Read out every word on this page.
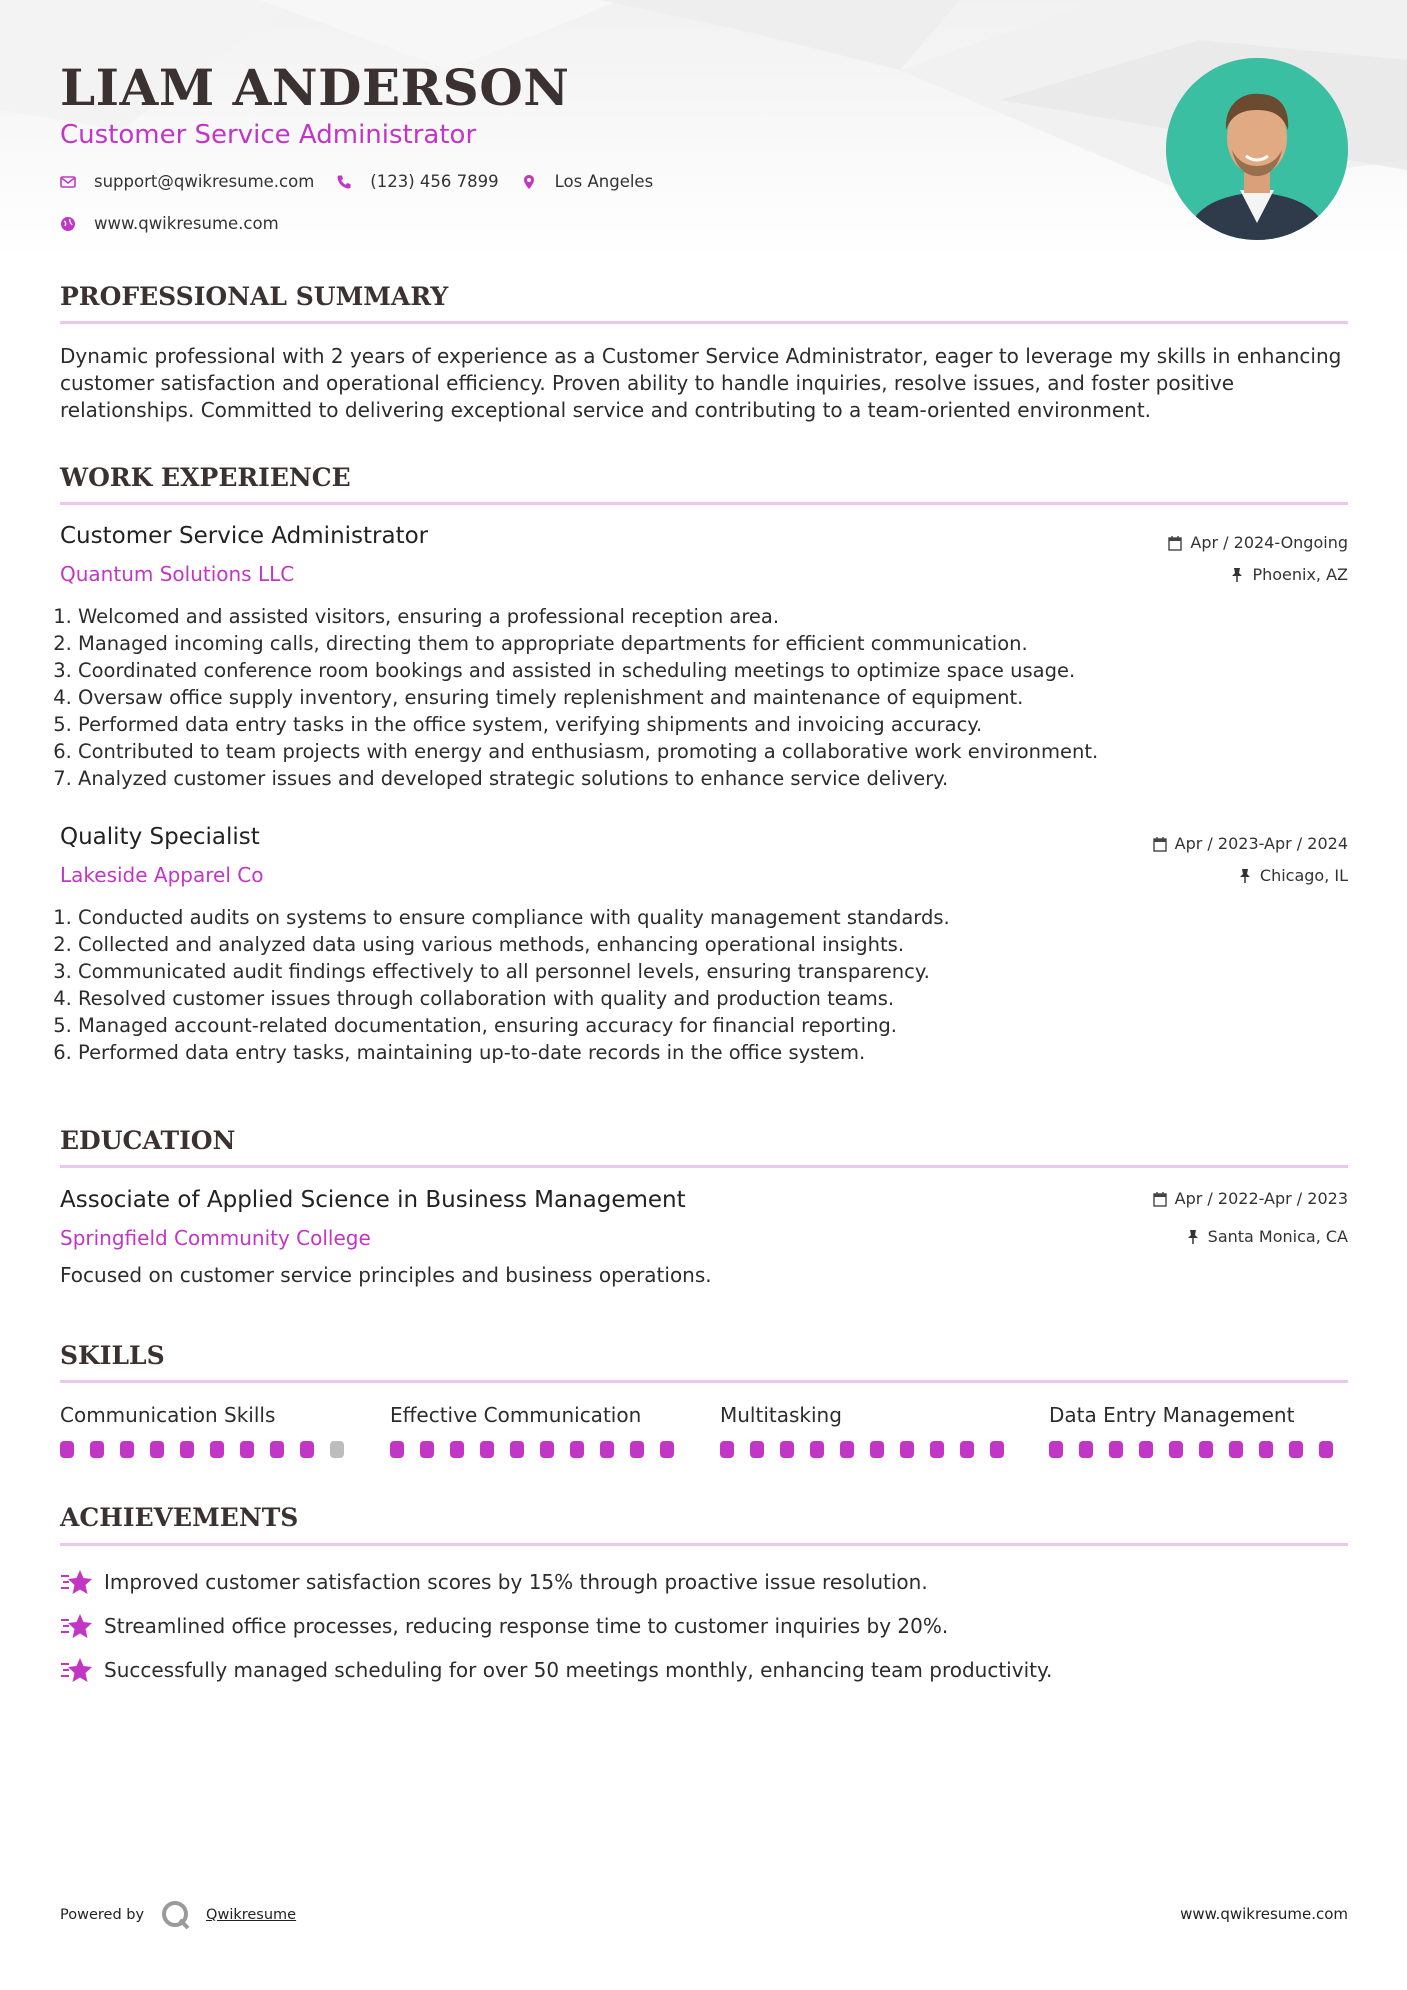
LIAM ANDERSON
Customer Service Administrator
support@qwikresume.com	(123) 456 7899	Los Angeles
www.qwikresume.com
PROFESSIONAL SUMMARY

Dynamic professional with 2 years of experience as a Customer Service Administrator, eager to leverage my skills in enhancing customer satisfaction and operational efficiency. Proven ability to handle inquiries, resolve issues, and foster positive relationships. Committed to delivering exceptional service and contributing to a team-oriented environment.

WORK EXPERIENCE
Customer Service Administrator
Quantum Solutions LLC
Apr / 2024-Ongoing
Phoenix, AZ
1. Welcomed and assisted visitors, ensuring a professional reception area.
2. Managed incoming calls, directing them to appropriate departments for efficient communication.
3. Coordinated conference room bookings and assisted in scheduling meetings to optimize space usage.
4. Oversaw office supply inventory, ensuring timely replenishment and maintenance of equipment.
5. Performed data entry tasks in the office system, verifying shipments and invoicing accuracy.
6. Contributed to team projects with energy and enthusiasm, promoting a collaborative work environment.
7. Analyzed customer issues and developed strategic solutions to enhance service delivery.
Quality Specialist
Lakeside Apparel Co
Apr / 2023-Apr / 2024
Chicago, IL
1. Conducted audits on systems to ensure compliance with quality management standards.
2. Collected and analyzed data using various methods, enhancing operational insights.
3. Communicated audit findings effectively to all personnel levels, ensuring transparency.
4. Resolved customer issues through collaboration with quality and production teams.
5. Managed account-related documentation, ensuring accuracy for financial reporting.
6. Performed data entry tasks, maintaining up-to-date records in the office system.
EDUCATION
Associate of Applied Science in Business Management
Springfield Community College
Apr / 2022-Apr / 2023
Santa Monica, CA
Focused on customer service principles and business operations.
SKILLS
Communication Skills	Effective Communication	Multitasking	Data Entry Management
ACHIEVEMENTS
Improved customer satisfaction scores by 15% through proactive issue resolution.
Streamlined office processes, reducing response time to customer inquiries by 20%.
Successfully managed scheduling for over 50 meetings monthly, enhancing team productivity.
Powered by	Qwikresume	www.qwikresume.com
